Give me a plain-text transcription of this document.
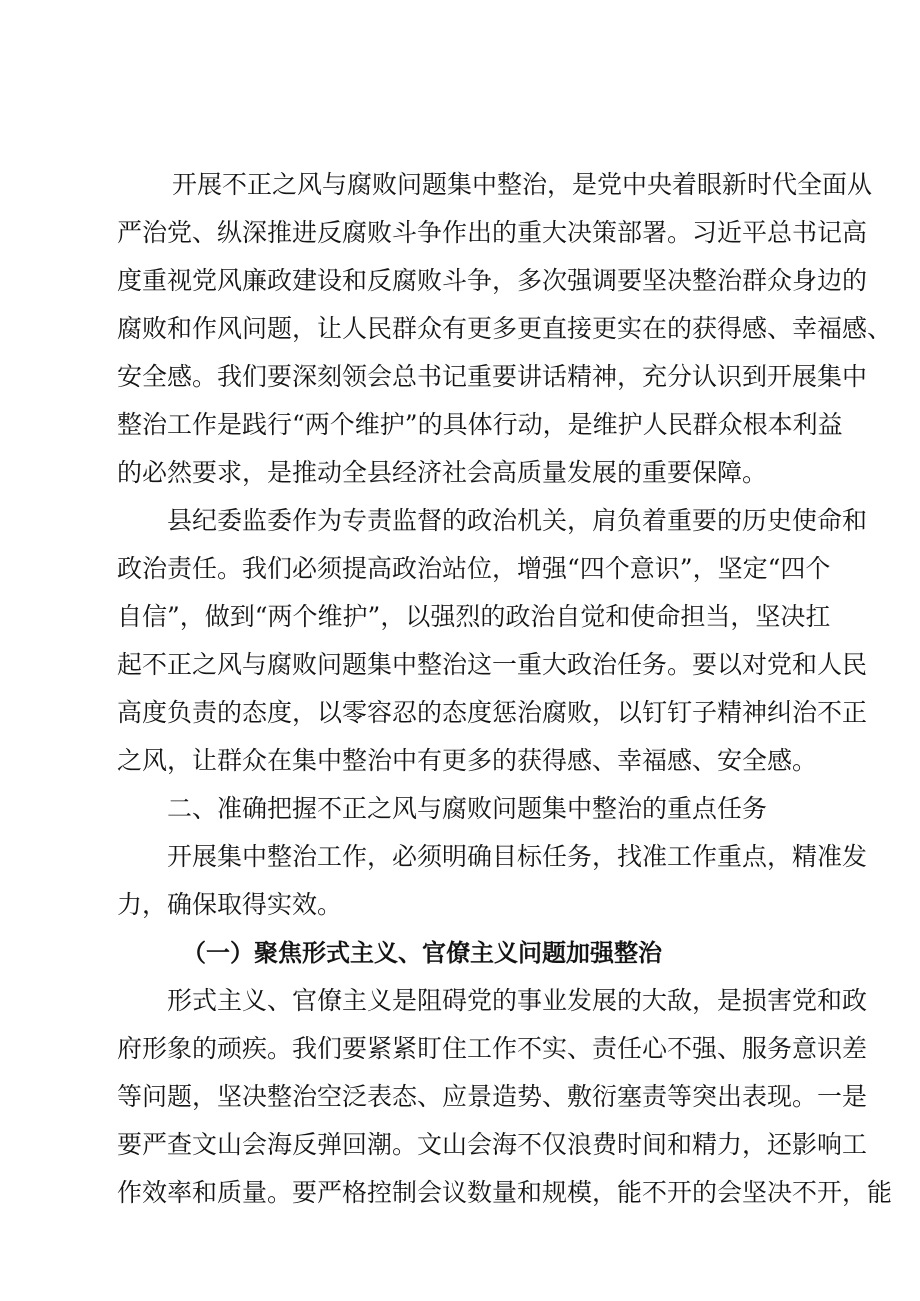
开展不正之风与腐败问题集中整治，是党中央着眼新时代全面从
严治党、纵深推进反腐败斗争作出的重大决策部署。习近平总书记高
度重视党风廉政建设和反腐败斗争，多次强调要坚决整治群众身边的
腐败和作风问题，让人民群众有更多更直接更实在的获得感、幸福感、
安全感。我们要深刻领会总书记重要讲话精神，充分认识到开展集中
整治工作是践行“两个维护”的具体行动，是维护人民群众根本利益
的必然要求，是推动全县经济社会高质量发展的重要保障。
县纪委监委作为专责监督的政治机关，肩负着重要的历史使命和
政治责任。我们必须提高政治站位，增强“四个意识”，坚定“四个
自信”，做到“两个维护”，以强烈的政治自觉和使命担当，坚决扛
起不正之风与腐败问题集中整治这一重大政治任务。要以对党和人民
高度负责的态度，以零容忍的态度惩治腐败，以钉钉子精神纠治不正
之风，让群众在集中整治中有更多的获得感、幸福感、安全感。
二、准确把握不正之风与腐败问题集中整治的重点任务
开展集中整治工作，必须明确目标任务，找准工作重点，精准发
力，确保取得实效。
（一）聚焦形式主义、官僚主义问题加强整治
形式主义、官僚主义是阻碍党的事业发展的大敌，是损害党和政
府形象的顽疾。我们要紧紧盯住工作不实、责任心不强、服务意识差
等问题，坚决整治空泛表态、应景造势、敷衍塞责等突出表现。一是
要严查文山会海反弹回潮。文山会海不仅浪费时间和精力，还影响工
作效率和质量。要严格控制会议数量和规模，能不开的会坚决不开，能
